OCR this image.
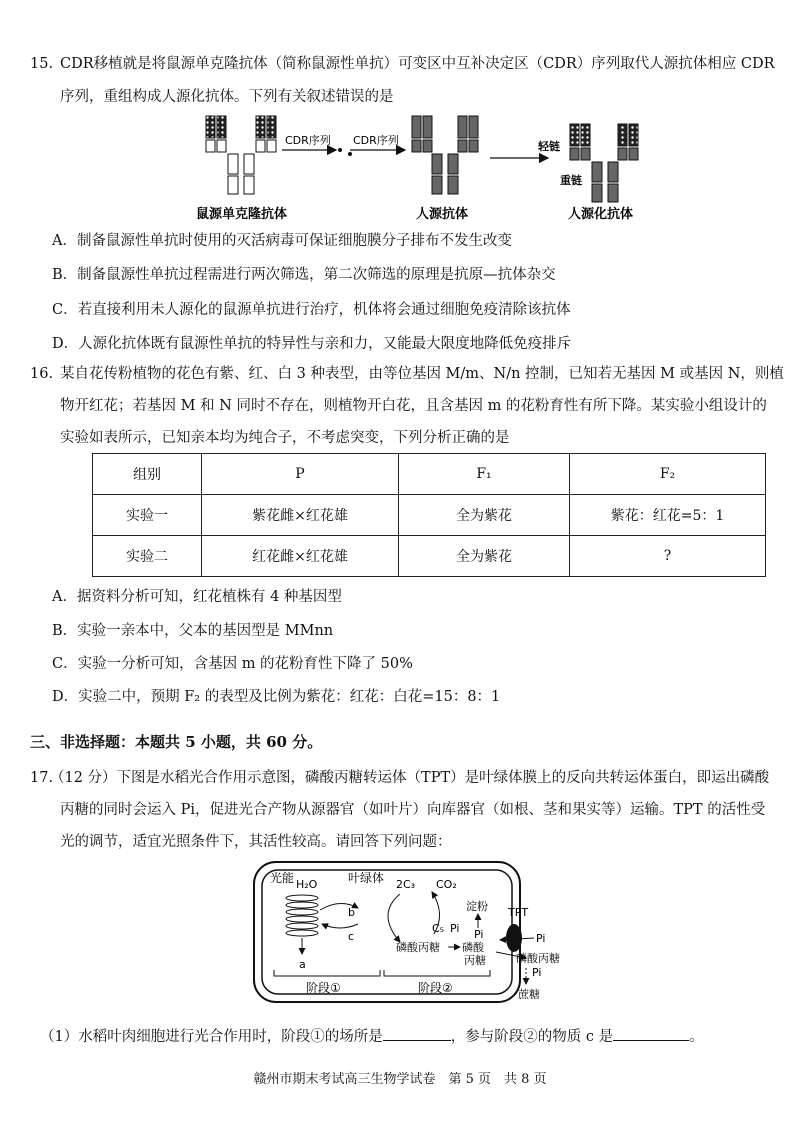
15. CDR移植就是将鼠源单克隆抗体（简称鼠源性单抗）可变区中互补决定区（CDR）序列取代人源抗体相应 CDR
序列，重组构成人源化抗体。下列有关叙述错误的是
鼠源单克隆抗体
CDR序列 CDR序列
人源抗体
轻链
重链
人源化抗体
A．制备鼠源性单抗时使用的灭活病毒可保证细胞膜分子排布不发生改变
B．制备鼠源性单抗过程需进行两次筛选，第二次筛选的原理是抗原—抗体杂交
C．若直接利用未人源化的鼠源单抗进行治疗，机体将会通过细胞免疫清除该抗体
D．人源化抗体既有鼠源性单抗的特异性与亲和力，又能最大限度地降低免疫排斥
16. 某自花传粉植物的花色有紫、红、白 3 种表型，由等位基因 M/m、N/n 控制，已知若无基因 M 或基因 N，则植
物开红花；若基因 M 和 N 同时不存在，则植物开白花，且含基因 m 的花粉育性有所下降。某实验小组设计的
实验如表所示，已知亲本均为纯合子，不考虑突变，下列分析正确的是
组别	P	F₁	F₂
实验一	紫花雌×红花雄	全为紫花	紫花：红花=5：1
实验二	红花雌×红花雄	全为紫花	?
A．据资料分析可知，红花植株有 4 种基因型
B．实验一亲本中，父本的基因型是 MMnn
C．实验一分析可知，含基因 m 的花粉育性下降了 50%
D．实验二中，预期 F₂ 的表型及比例为紫花：红花：白花=15：8：1
三、非选择题：本题共 5 小题，共 60 分。
17.
（12 分）下图是水稻光合作用示意图，磷酸丙糖转运体（TPT）是叶绿体膜上的反向共转运体蛋白，即运出磷酸
丙糖的同时会运入 Pi，促进光合产物从源器官（如叶片）向库器官（如根、茎和果实等）运输。TPT 的活性受
光的调节，适宜光照条件下，其活性较高。请回答下列问题：
光能 H₂O	叶绿体
a
b
c
2C₃ CO₂
C₅ Pi
淀粉
Pi
磷酸丙糖 磷酸
丙糖
TPT
Pi
磷酸丙糖
Pi
蔗糖
阶段①	阶段②
（1）水稻叶肉细胞进行光合作用时，阶段①的场所是	，参与阶段②的物质 c 是	。
赣州市期末考试高三生物学试卷　第 5 页　共 8 页
